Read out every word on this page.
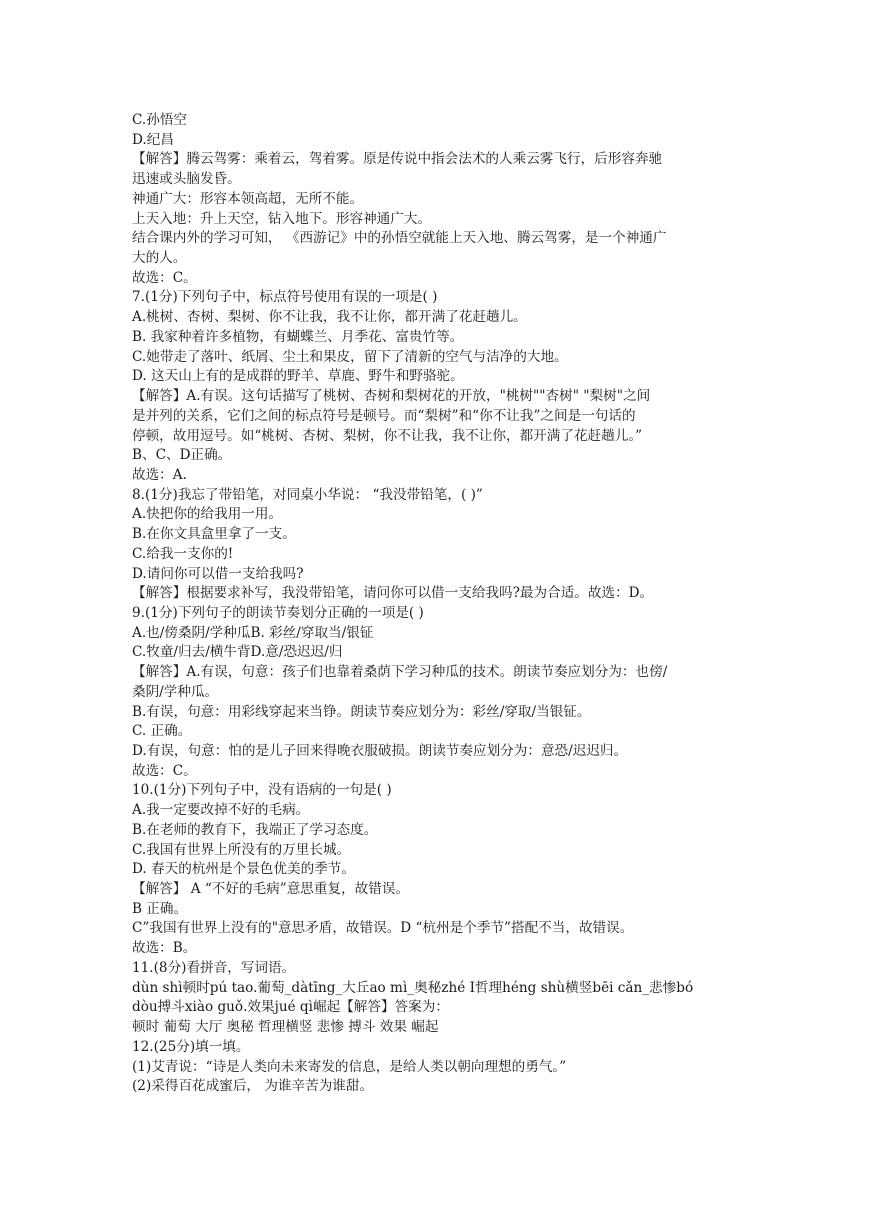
C.孙悟空
D.纪昌
【解答】腾云驾雾：乘着云，驾着雾。原是传说中指会法术的人乘云雾飞行，后形容奔驰
迅速或头脑发昏。
神通广大：形容本领高超，无所不能。
上天入地：升上天空，钻入地下。形容神通广大。
结合课内外的学习可知， 《西游记》中的孙悟空就能上天入地、腾云驾雾，是一个神通广
大的人。
故选：C。
7.(1分)下列句子中，标点符号使用有误的一项是( )
A.桃树、杏树、梨树、你不让我，我不让你，都开满了花赶趟儿。
B. 我家种着许多植物，有蝴蝶兰、月季花、富贵竹等。
C.她带走了落叶、纸屑、尘土和果皮，留下了清新的空气与洁净的大地。
D. 这天山上有的是成群的野羊、草鹿、野牛和野骆驼。
【解答】A.有误。这句话描写了桃树、杏树和梨树花的开放，"桃树""杏树" "梨树"之间
是并列的关系，它们之间的标点符号是顿号。而“梨树”和“你不让我”之间是一句话的
停顿，故用逗号。如“桃树、杏树、梨树，你不让我，我不让你，都开满了花赶趟儿。”
B、C、D正确。
故选：A.
8.(1分)我忘了带铅笔，对同桌小华说： “我没带铅笔，( )”
A.快把你的给我用一用。
B.在你文具盒里拿了一支。
C.给我一支你的!
D.请问你可以借一支给我吗?
【解答】根据要求补写，我没带铅笔，请问你可以借一支给我吗?最为合适。故选：D。
9.(1分)下列句子的朗读节奏划分正确的一项是( )
A.也/傍桑阴/学种瓜B. 彩丝/穿取当/银钲
C.牧童/归去/横牛背D.意/恐迟迟/归
【解答】A.有误，句意：孩子们也靠着桑荫下学习种瓜的技术。朗读节奏应划分为：也傍/
桑阴/学种瓜。
B.有误，句意：用彩线穿起来当铮。朗读节奏应划分为：彩丝/穿取/当银钲。
C. 正确。
D.有误，句意：怕的是儿子回来得晚衣服破损。朗读节奏应划分为：意恐/迟迟归。
故选：C。
10.(1分)下列句子中，没有语病的一句是( )
A.我一定要改掉不好的毛病。
B.在老师的教育下，我端正了学习态度。
C.我国有世界上所没有的万里长城。
D. 春天的杭州是个景色优美的季节。
【解答】 A “不好的毛病”意思重复，故错误。
B 正确。
C”我国有世界上没有的"意思矛盾，故错误。D “杭州是个季节”搭配不当，故错误。
故选：B。
11.(8分)看拼音，写词语。
dùn shì顿时pú tao.葡萄_dàtīng_大丘ao mì_奥秘zhé I哲理héng shù横竖bēi cǎn_悲惨bó
dòu搏斗xiào guǒ.效果jué qì崛起【解答】答案为：
顿时 葡萄 大厅 奥秘 哲理横竖 悲惨 搏斗 效果 崛起
12.(25分)填一填。
(1)艾青说：“诗是人类向未来寄发的信息，是给人类以朝向理想的勇气。”
(2)采得百花成蜜后， 为谁辛苦为谁甜。
